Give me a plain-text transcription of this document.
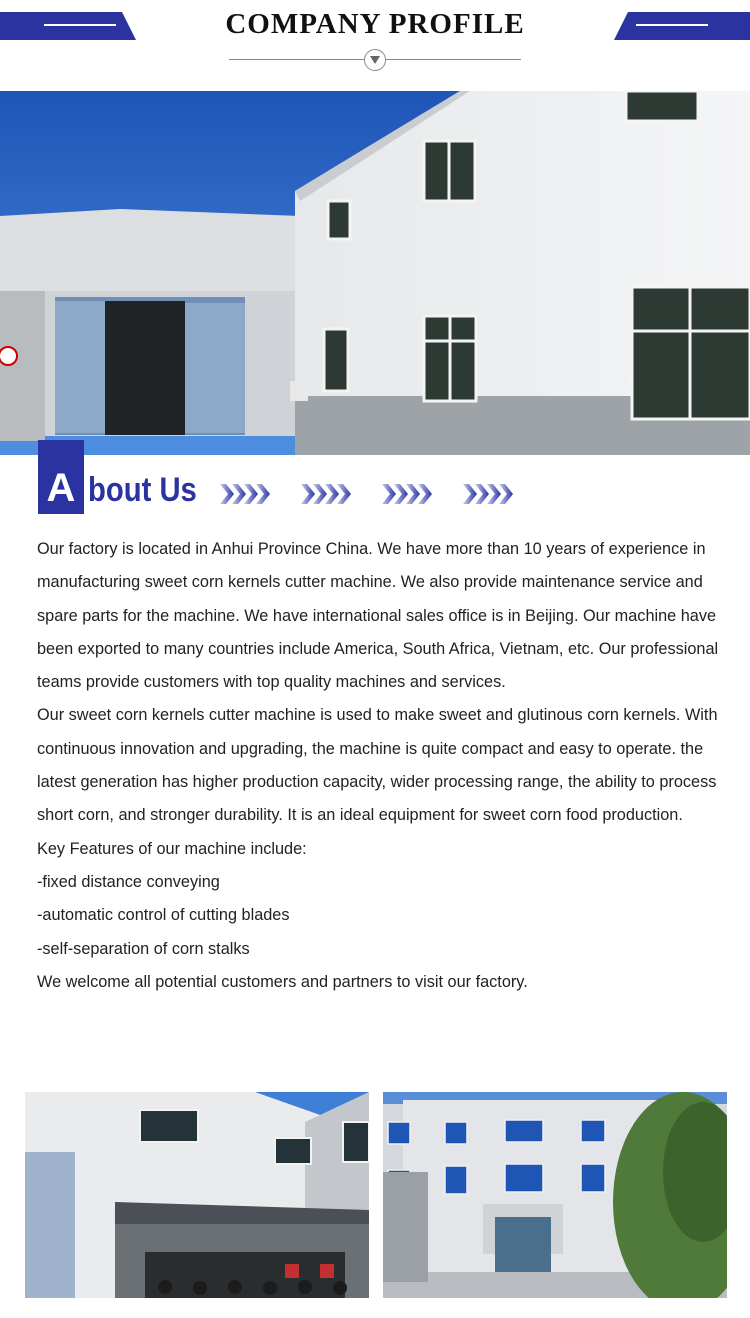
COMPANY PROFILE
A bout Us

Our factory is located in Anhui Province China. We have more than 10 years of experience in manufacturing sweet corn kernels cutter machine. We also provide maintenance service and spare parts for the machine. We have international sales office is in Beijing. Our machine have been exported to many countries include America, South Africa, Vietnam, etc. Our professional teams provide customers with top quality machines and services.

Our sweet corn kernels cutter machine is used to make sweet and glutinous corn kernels. With continuous innovation and upgrading, the machine is quite compact and easy to operate. the latest generation has higher production capacity, wider processing range, the ability to process short corn, and stronger durability. It is an ideal equipment for sweet corn food production.

Key Features of our machine include:

-fixed distance conveying

-automatic control of cutting blades

-self-separation of corn stalks

We welcome all potential customers and partners to visit our factory.
